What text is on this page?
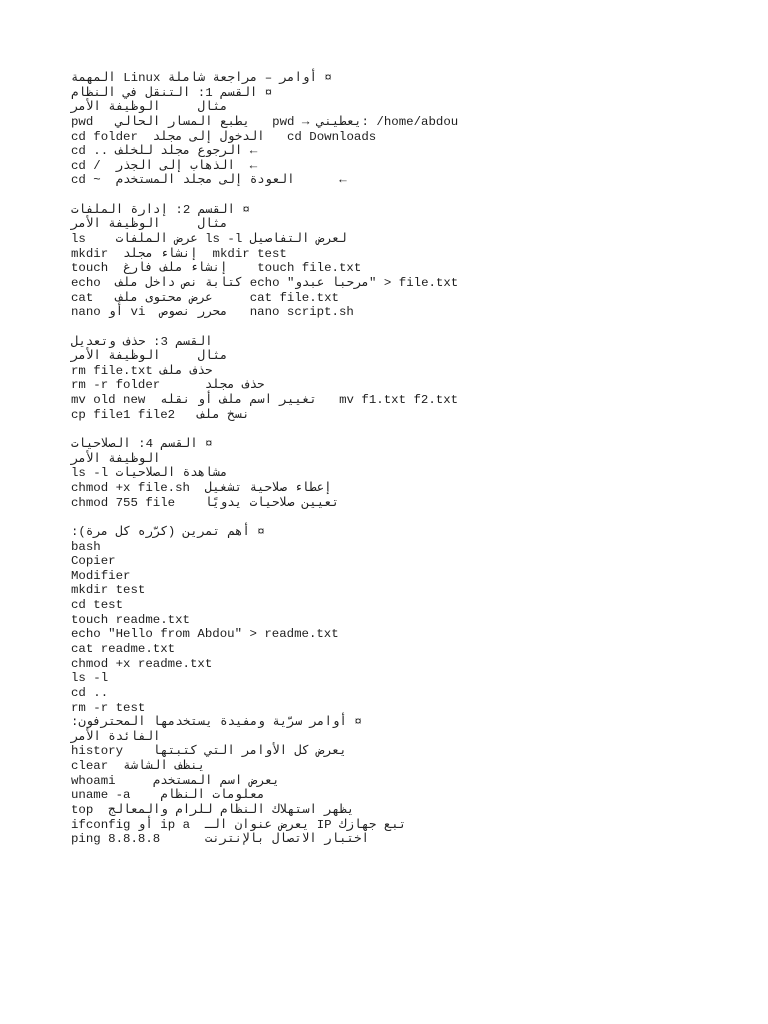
¤ أوامر – مراجعة شاملة Linux المهمة
¤ القسم 1: التنقل في النظام
مثال     الوظيفة الأمر
pwd   يطبع المسار الحالي   pwd → يعطيني: /home/abdou
cd folder  الدخول إلى مجلد   cd Downloads
cd .. الرجوع مجلد للخلف ←
cd /  الذهاب إلى الجذر  ←
cd ~  العودة إلى مجلد المستخدم      ←
¤ القسم 2: إدارة الملفات
مثال     الوظيفة الأمر
ls    عرض الملفات ls -l لعرض التفاصيل
mkdir  إنشاء مجلد  mkdir test
touch  إنشاء ملف فارغ    touch file.txt
echo  كتابة نص داخل ملف echo "مرحبا عبدو" > file.txt
cat   عرض محتوى ملف     cat file.txt
nano أو vi  محرر نصوص   nano script.sh
القسم 3: حذف وتعديل
مثال     الوظيفة الأمر
rm file.txt حذف ملف
rm -r folder      حذف مجلد
mv old new  تغيير اسم ملف أو نقله   mv f1.txt f2.txt
cp file1 file2   نسخ ملف
¤ القسم 4: الصلاحيات
الوظيفة الأمر
ls -l مشاهدة الصلاحيات
chmod +x file.sh  إعطاء صلاحية تشغيل
chmod 755 file    تعيين صلاحيات يدويًا
¤ أهم تمرين (كرّره كل مرة):
bash
Copier
Modifier
mkdir test
cd test
touch readme.txt
echo "Hello from Abdou" > readme.txt
cat readme.txt
chmod +x readme.txt
ls -l
cd ..
rm -r test
¤ أوامر سرّية ومفيدة يستخدمها المحترفون:
الفائدة الأمر
history    يعرض كل الأوامر التي كتبتها
clear  ينظف الشاشة
whoami     يعرض اسم المستخدم
uname -a    معلومات النظام
top  يظهر استهلاك النظام للرام والمعالج
ifconfig أو ip a  يعرض عنوان الـ IP تبع جهازك
ping 8.8.8.8      اختبار الاتصال بالإنترنت
